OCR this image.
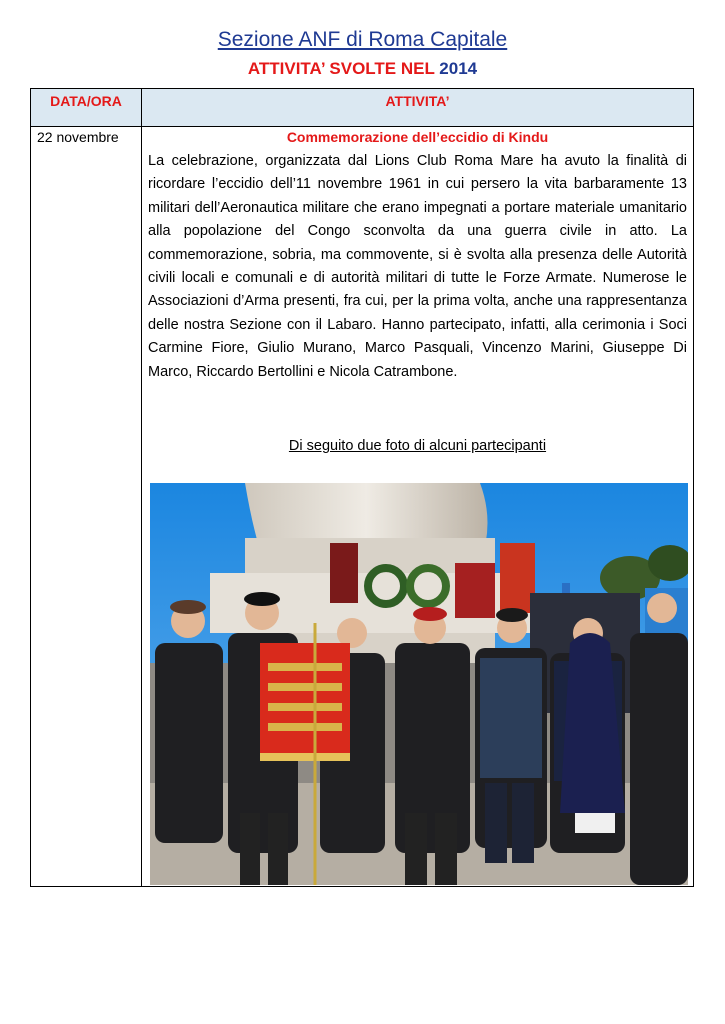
Sezione ANF di Roma Capitale
ATTIVITA’ SVOLTE NEL 2014
DATA/ORA	ATTIVITA’
22 novembre	Commemorazione dell’eccidio di Kindu

La celebrazione, organizzata dal Lions Club Roma Mare ha avuto la finalità di ricordare l’eccidio dell’11 novembre 1961 in cui persero la vita barbaramente 13 militari dell’Aeronautica militare che erano impegnati a portare materiale umanitario alla popolazione del Congo sconvolta da una guerra civile in atto. La commemorazione, sobria, ma commovente, si è svolta alla presenza delle Autorità civili locali e comunali e di autorità militari di tutte le Forze Armate. Numerose le Associazioni d’Arma presenti, fra cui, per la prima volta, anche una rappresentanza delle nostra Sezione con il Labaro. Hanno partecipato, infatti, alla cerimonia i Soci Carmine Fiore, Giulio Murano, Marco Pasquali, Vincenzo Marini, Giuseppe Di Marco, Riccardo Bertollini e Nicola Catrambone.

Di seguito due foto di alcuni partecipanti
